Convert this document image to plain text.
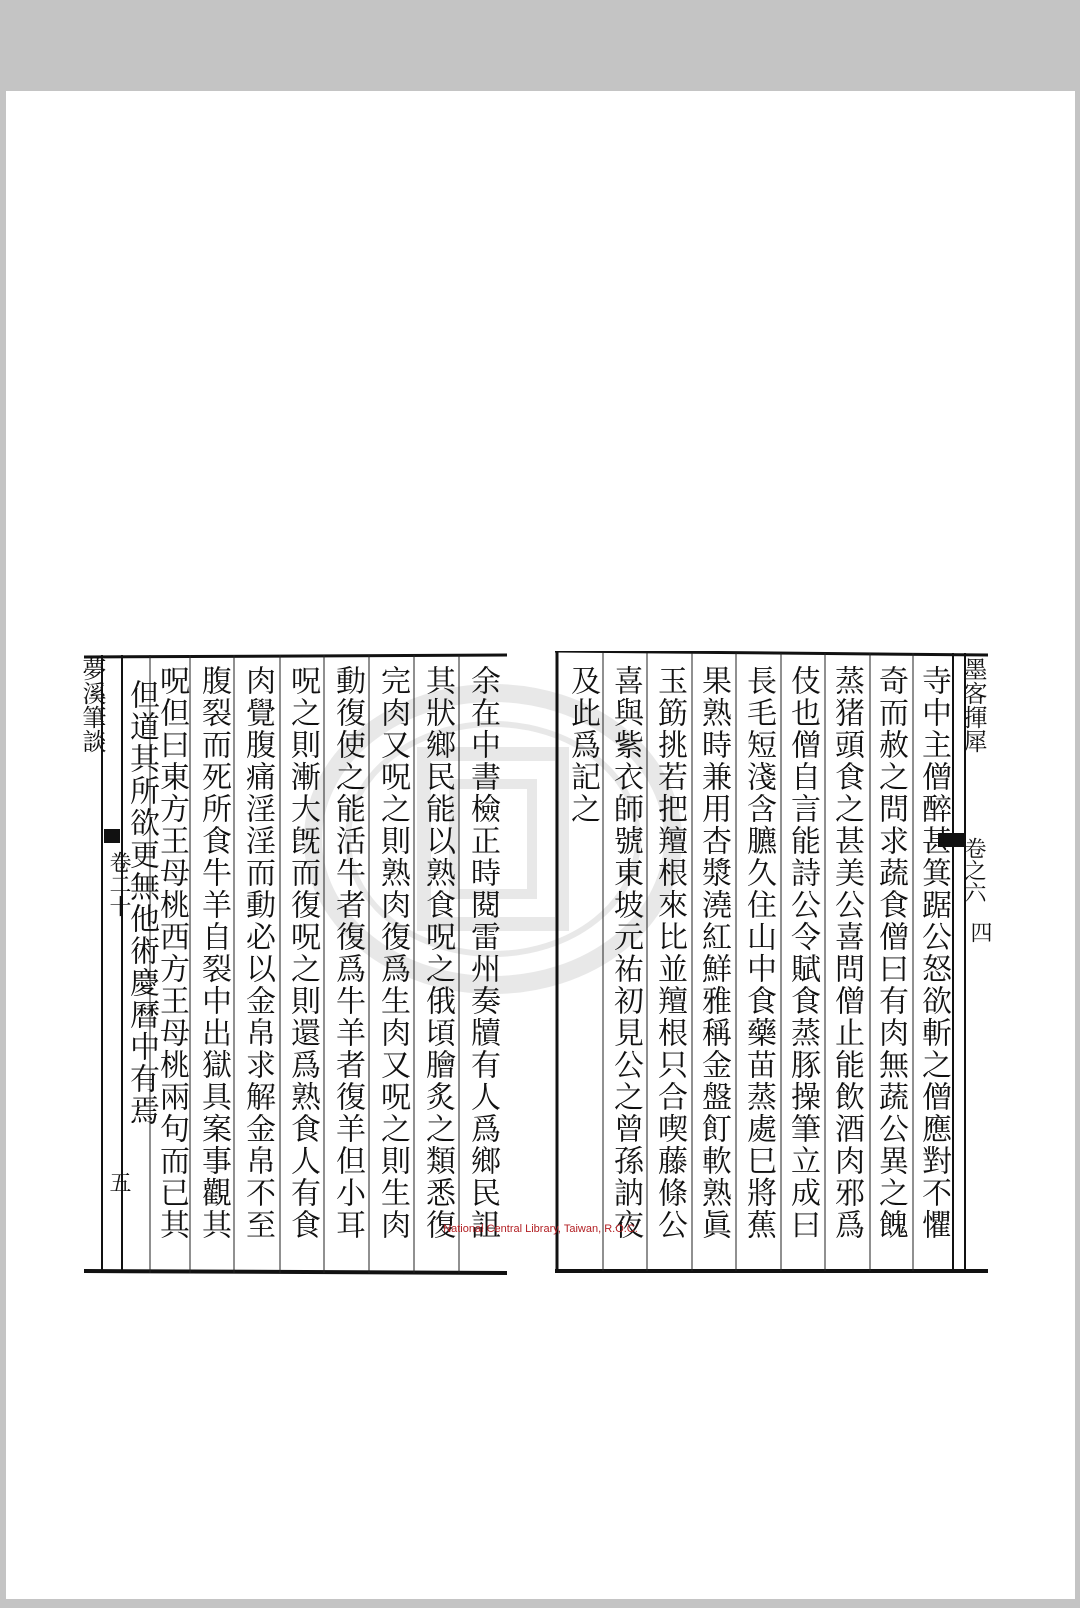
夢溪筆談
卷二十
五
余在中書檢正時閱雷州奏牘有人爲鄉民詛
其狀鄉民能以熟食呪之俄頃膾炙之類悉復
完肉又呪之則熟肉復爲生肉又呪之則生肉
動復使之能活牛者復爲牛羊者復羊但小耳
呪之則漸大旣而復呪之則還爲熟食人有食
肉覺腹痛淫淫而動必以金帛求解金帛不至
腹裂而死所食牛羊自裂中出獄具案事觀其
呪但曰東方王母桃西方王母桃兩句而已其
但道其所欲更無他術慶曆中有焉	墨客揮犀
卷之六
四
寺中主僧醉甚箕踞公怒欲斬之僧應對不懼
奇而赦之問求蔬食僧曰有肉無蔬公異之餽
蒸猪頭食之甚美公喜問僧止能飲酒肉邪爲
伎也僧自言能詩公令賦食蒸豚操筆立成曰
長毛短淺含臕久住山中食藥苗蒸處巳將蕉
果熟時兼用杏漿澆紅鮮雅稱金盤飣軟熟眞
玉筯挑若把羶根來比並羶根只合喫藤條公
喜與紫衣師號東坡元祐初見公之曾孫訥夜
及此爲記之
National Central Library, Taiwan, R.O.C.
